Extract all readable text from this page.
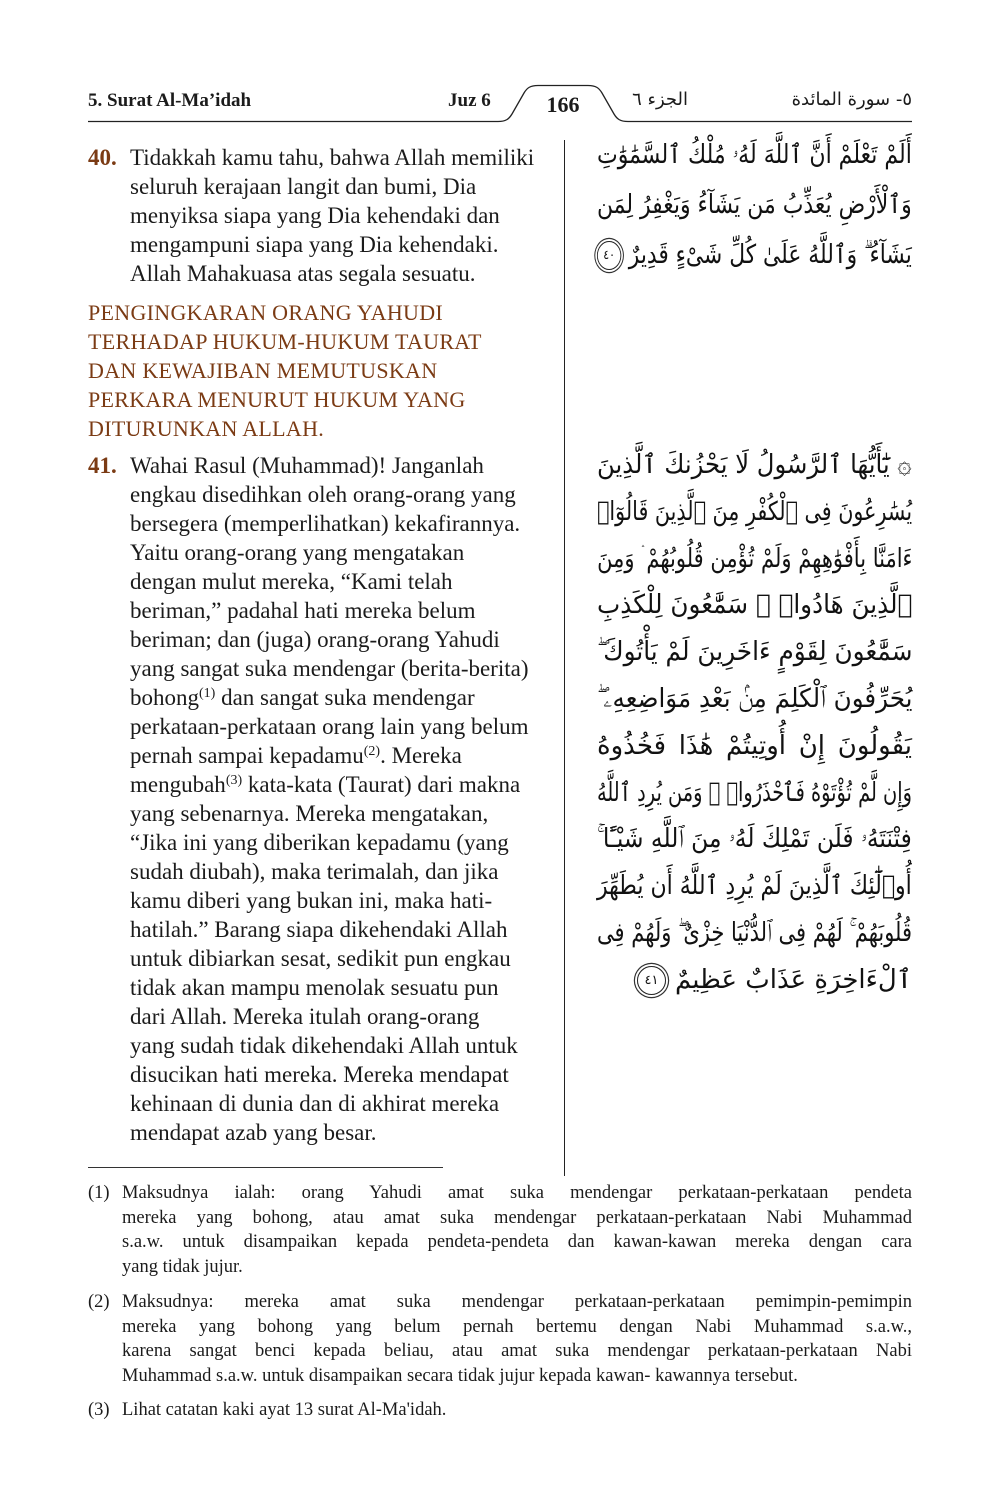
5. Surat Al-Ma’idah	Juz 6	166	الجزء ٦	٥- سورة المائدة
40. Tidakkah kamu tahu, bahwa Allah memiliki
seluruh kerajaan langit dan bumi, Dia
menyiksa siapa yang Dia kehendaki dan
mengampuni siapa yang Dia kehendaki.
Allah Mahakuasa atas segala sesuatu.
PENGINGKARAN ORANG YAHUDI
TERHADAP HUKUM-HUKUM TAURAT
DAN KEWAJIBAN MEMUTUSKAN
PERKARA MENURUT HUKUM YANG
DITURUNKAN ALLAH.
41. Wahai Rasul (Muhammad)! Janganlah
engkau disedihkan oleh orang-orang yang
bersegera (memperlihatkan) kekafirannya.
Yaitu orang-orang yang mengatakan
dengan mulut mereka, “Kami telah
beriman,” padahal hati mereka belum
beriman; dan (juga) orang-orang Yahudi
yang sangat suka mendengar (berita-berita)
bohong$^{(1)}$ dan sangat suka mendengar
perkataan-perkataan orang lain yang belum
pernah sampai kepadamu$^{(2)}$. Mereka
mengubah$^{(3)}$ kata-kata (Taurat) dari makna
yang sebenarnya. Mereka mengatakan,
“Jika ini yang diberikan kepadamu (yang
sudah diubah), maka terimalah, dan jika
kamu diberi yang bukan ini, maka hati-
hatilah.” Barang siapa dikehendaki Allah
untuk dibiarkan sesat, sedikit pun engkau
tidak akan mampu menolak sesuatu pun
dari Allah. Mereka itulah orang-orang
yang sudah tidak dikehendaki Allah untuk
disucikan hati mereka. Mereka mendapat
kehinaan di dunia dan di akhirat mereka
mendapat azab yang besar.
أَلَمْ تَعْلَمْ أَنَّ ٱللَّهَ لَهُۥ مُلْكُ ٱلسَّمَٰوَٰتِ
وَٱلْأَرْضِ يُعَذِّبُ مَن يَشَآءُ وَيَغْفِرُ لِمَن
يَشَآءُ ۗ وَٱللَّهُ عَلَىٰ كُلِّ شَىْءٍ قَدِيرٌ٤٠
۞ يَٰٓأَيُّهَا ٱلرَّسُولُ لَا يَحْزُنكَ ٱلَّذِينَ
يُسَٰرِعُونَ فِى ٱلْكُفْرِ مِنَ ٱلَّذِينَ قَالُوٓا۟
ءَامَنَّا بِأَفْوَٰهِهِمْ وَلَمْ تُؤْمِن قُلُوبُهُمْ ۛ وَمِنَ
ٱلَّذِينَ هَادُوا۟ ۛ سَمَّٰعُونَ لِلْكَذِبِ
سَمَّٰعُونَ لِقَوْمٍ ءَاخَرِينَ لَمْ يَأْتُوكَ ۖ
يُحَرِّفُونَ ٱلْكَلِمَ مِنۢ بَعْدِ مَوَاضِعِهِۦ ۖ
يَقُولُونَ إِنْ أُوتِيتُمْ هَٰذَا فَخُذُوهُ
وَإِن لَّمْ تُؤْتَوْهُ فَٱحْذَرُوا۟ ۚ وَمَن يُرِدِ ٱللَّهُ
فِتْنَتَهُۥ فَلَن تَمْلِكَ لَهُۥ مِنَ ٱللَّهِ شَيْـًٔا ۚ
أُو۟لَٰٓئِكَ ٱلَّذِينَ لَمْ يُرِدِ ٱللَّهُ أَن يُطَهِّرَ
قُلُوبَهُمْ ۚ لَهُمْ فِى ٱلدُّنْيَا خِزْىٌ ۖ وَلَهُمْ فِى
ٱلْءَاخِرَةِ عَذَابٌ عَظِيمٌ٤١
(1) Maksudnya ialah: orang Yahudi amat suka mendengar perkataan-perkataan pendeta
mereka yang bohong, atau amat suka mendengar perkataan-perkataan Nabi Muhammad
s.a.w. untuk disampaikan kepada pendeta-pendeta dan kawan-kawan mereka dengan cara
yang tidak jujur.
(2) Maksudnya: mereka amat suka mendengar perkataan-perkataan pemimpin-pemimpin
mereka yang bohong yang belum pernah bertemu dengan Nabi Muhammad s.a.w.,
karena sangat benci kepada beliau, atau amat suka mendengar perkataan-perkataan Nabi
Muhammad s.a.w. untuk disampaikan secara tidak jujur kepada kawan- kawannya tersebut.
(3) Lihat catatan kaki ayat 13 surat Al-Ma'idah.
